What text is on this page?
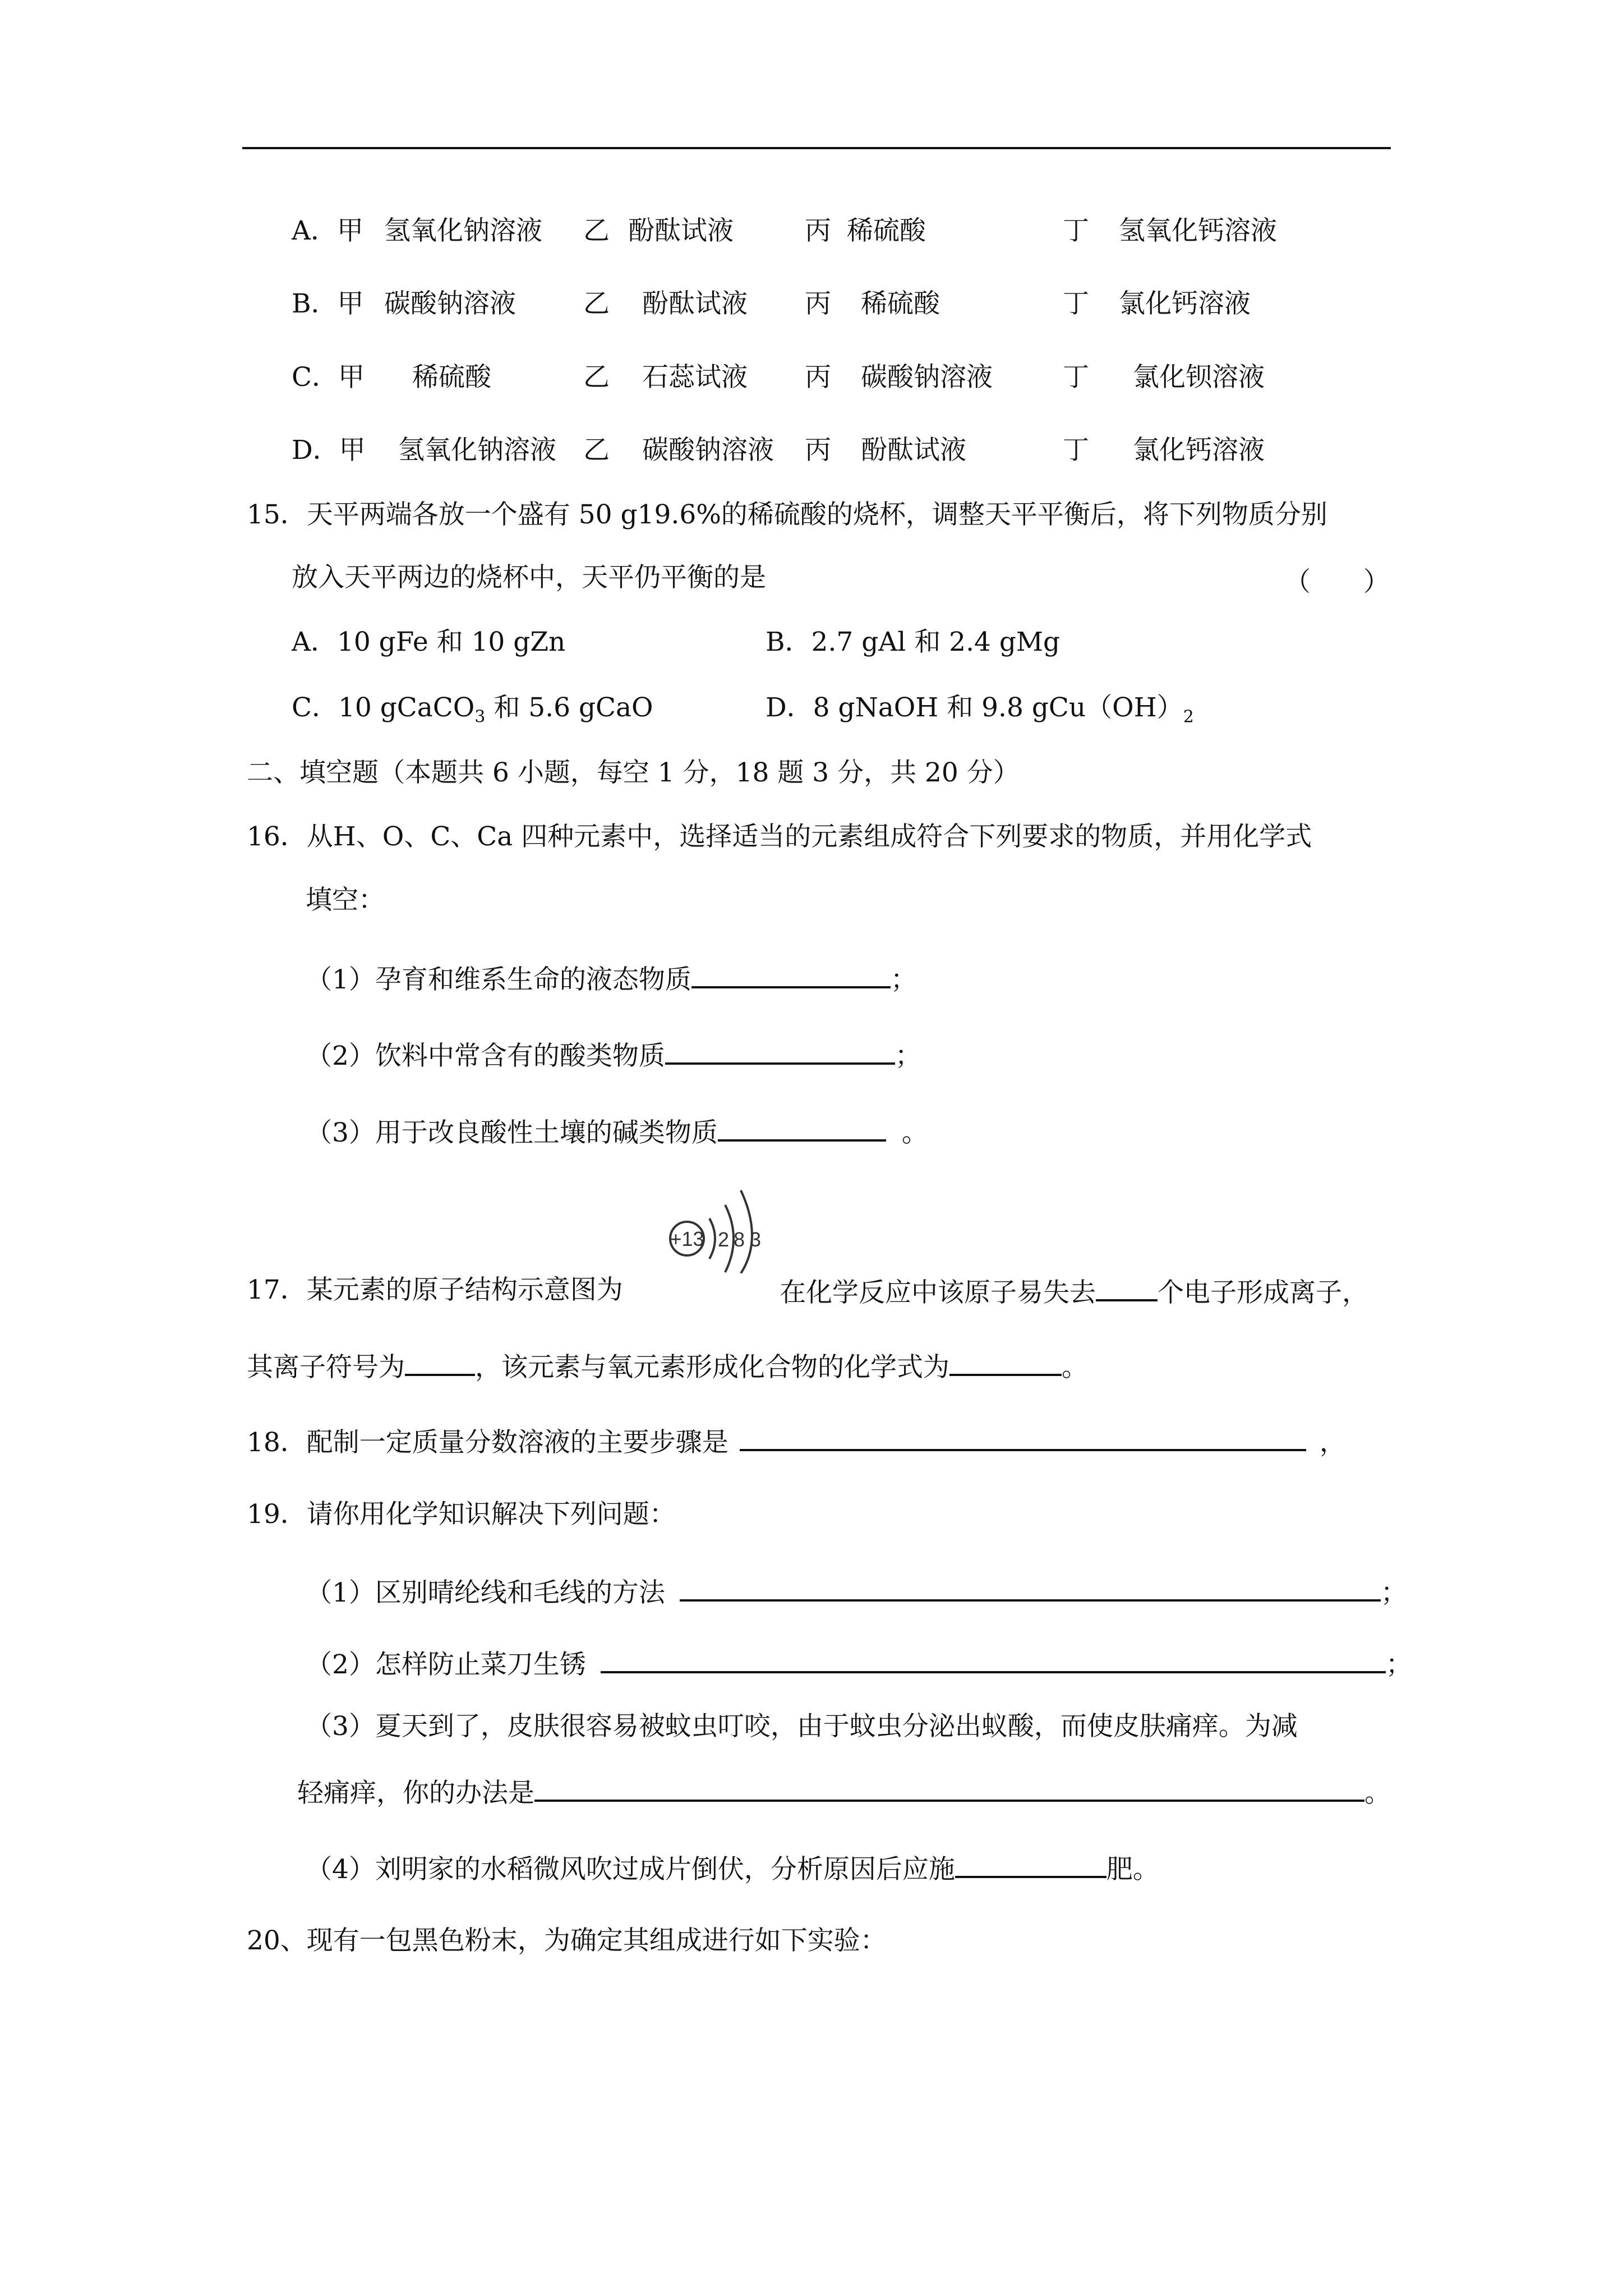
A．甲 氢氧化钠溶液 乙 酚酞试液	丙 稀硫酸	丁 氢氧化钙溶液
B．甲 碳酸钠溶液	乙 酚酞试液 丙 稀硫酸	丁 氯化钙溶液
C．甲 稀硫酸	乙 石蕊试液 丙 碳酸钠溶液	丁 氯化钡溶液
D．甲 氢氧化钠溶液 乙 碳酸钠溶液 丙 酚酞试液	丁 氯化钙溶液
15．天平两端各放一个盛有 50 g19.6%的稀硫酸的烧杯，调整天平平衡后，将下列物质分别
放入天平两边的烧杯中，天平仍平衡的是	（　　）
A．10 gFe 和 10 gZn	B．2.7 gAl 和 2.4 gMg
C．10 gCaCO$_3$ 和 5.6 gCaO	D．8 gNaOH 和 9.8 $gCu(OH)_2$
二、填空题（本题共 6 小题，每空 1 分，18 题 3 分，共 20 分）
16．从H、O、C、Ca 四种元素中，选择适当的元素组成符合下列要求的物质，并用化学式
填空：
（1）孕育和维系生命的液态物质	；
（2）饮料中常含有的酸类物质	；
（3）用于改良酸性土壤的碱类物质	。
+13 2 8 3
17．某元素的原子结构示意图为	在化学反应中该原子易失去 个电子形成离子，
其离子符号为	，该元素与氧元素形成化合物的化学式为	。
18．配制一定质量分数溶液的主要步骤是	，
19．请你用化学知识解决下列问题：
（1）区别晴纶线和毛线的方法	；
（2）怎样防止菜刀生锈	；
（3）夏天到了，皮肤很容易被蚊虫叮咬，由于蚊虫分泌出蚁酸，而使皮肤痛痒。为减
轻痛痒，你的办法是	。
（4）刘明家的水稻微风吹过成片倒伏，分析原因后应施	肥。
20、现有一包黑色粉末，为确定其组成进行如下实验：
